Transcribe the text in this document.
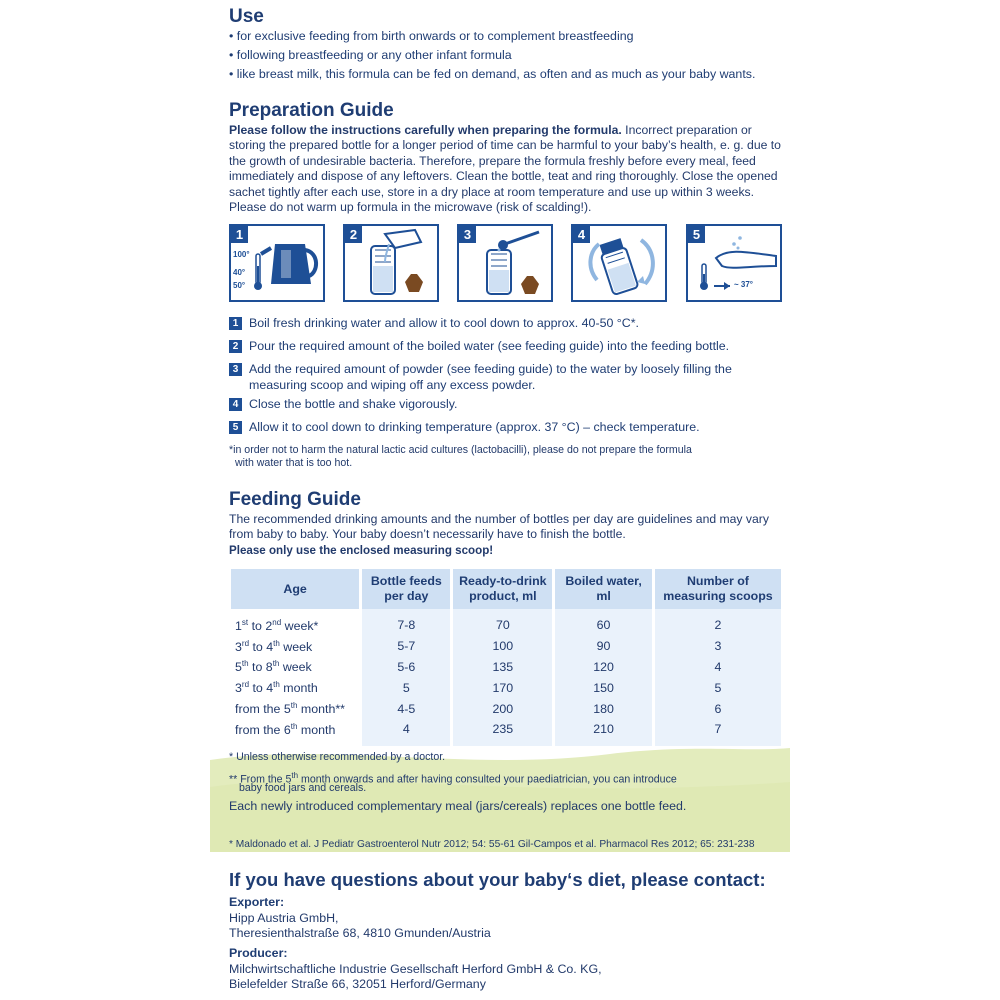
Use
• for exclusive feeding from birth onwards or to complement breastfeeding
• following breastfeeding or any other infant formula
• like breast milk, this formula can be fed on demand, as often and as much as your baby wants.
Preparation Guide
Please follow the instructions carefully when preparing the formula. Incorrect preparation or storing the prepared bottle for a longer period of time can be harmful to your baby’s health, e. g. due to the growth of undesirable bacteria. Therefore, prepare the formula freshly before every meal, feed immediately and dispose of any leftovers. Clean the bottle, teat and ring thoroughly. Close the opened sachet tightly after each use, store in a dry place at room temperature and use up within 3 weeks. Please do not warm up formula in the microwave (risk of scalding!).
1
100°
40°
50°
2	3	4	5
~ 37°
1 Boil fresh drinking water and allow it to cool down to approx. 40-50 °C*.
2 Pour the required amount of the boiled water (see feeding guide) into the feeding bottle.
3 Add the required amount of powder (see feeding guide) to the water by loosely filling the measuring scoop and wiping off any excess powder.
4 Close the bottle and shake vigorously.
5 Allow it to cool down to drinking temperature (approx. 37 °C) – check temperature.
*in order not to harm the natural lactic acid cultures (lactobacilli), please do not prepare the formula
with water that is too hot.
Feeding Guide
The recommended drinking amounts and the number of bottles per day are guidelines and may vary from baby to baby. Your baby doesn’t necessarily have to finish the bottle.
Please only use the enclosed measuring scoop!
Age	Bottle feeds per day	Ready-to-drink product, ml	Boiled water, ml	Number of measuring scoops

1st to 2nd week*	7-8	70	60	2
3rd to 4th week	5-7	100	90	3
5th to 8th week	5-6	135	120	4
3rd to 4th month	5	170	150	5
from the 5th month**	4-5	200	180	6
from the 6th month	4	235	210	7

* Unless otherwise recommended by a doctor.
** From the 5th month onwards and after having consulted your paediatrician, you can introduce
baby food jars and cereals.
Each newly introduced complementary meal (jars/cereals) replaces one bottle feed.
* Maldonado et al. J Pediatr Gastroenterol Nutr 2012; 54: 55-61 Gil-Campos et al. Pharmacol Res 2012; 65: 231-238
If you have questions about your baby‘s diet, please contact:
Exporter:
Hipp Austria GmbH,
Theresienthalstraße 68, 4810 Gmunden/Austria
Producer:
Milchwirtschaftliche Industrie Gesellschaft Herford GmbH & Co. KG,
Bielefelder Straße 66, 32051 Herford/Germany
